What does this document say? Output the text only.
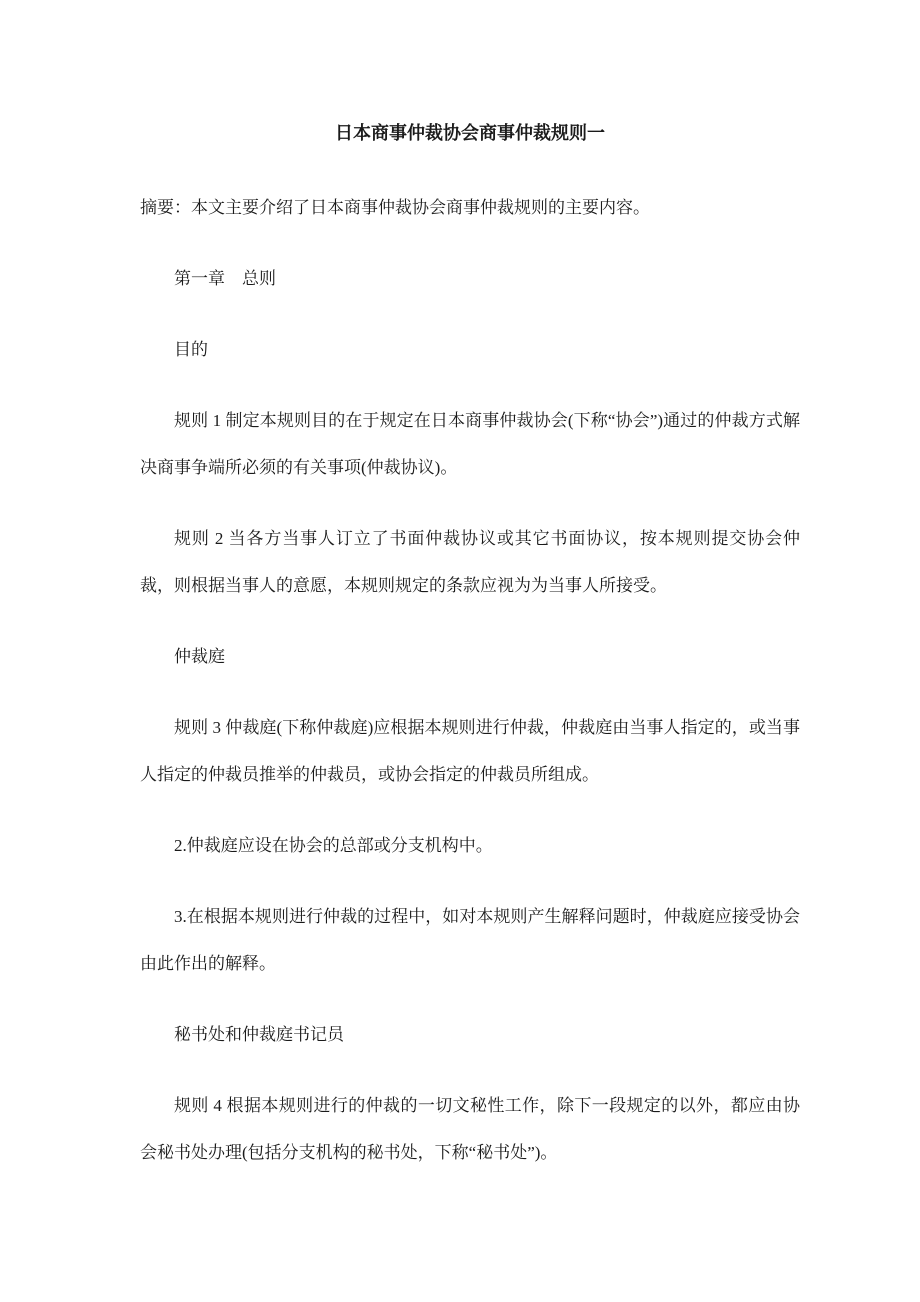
日本商事仲裁协会商事仲裁规则一

摘要：本文主要介绍了日本商事仲裁协会商事仲裁规则的主要内容。

第一章　总则

目的

规则 1 制定本规则目的在于规定在日本商事仲裁协会(下称“协会”)通过的仲裁方式解决商事争端所必须的有关事项(仲裁协议)。

规则 2 当各方当事人订立了书面仲裁协议或其它书面协议，按本规则提交协会仲裁，则根据当事人的意愿，本规则规定的条款应视为为当事人所接受。

仲裁庭

规则 3 仲裁庭(下称仲裁庭)应根据本规则进行仲裁，仲裁庭由当事人指定的，或当事人指定的仲裁员推举的仲裁员，或协会指定的仲裁员所组成。

2.仲裁庭应设在协会的总部或分支机构中。

3.在根据本规则进行仲裁的过程中，如对本规则产生解释问题时，仲裁庭应接受协会由此作出的解释。

秘书处和仲裁庭书记员

规则 4 根据本规则进行的仲裁的一切文秘性工作，除下一段规定的以外，都应由协会秘书处办理(包括分支机构的秘书处，下称“秘书处”)。
